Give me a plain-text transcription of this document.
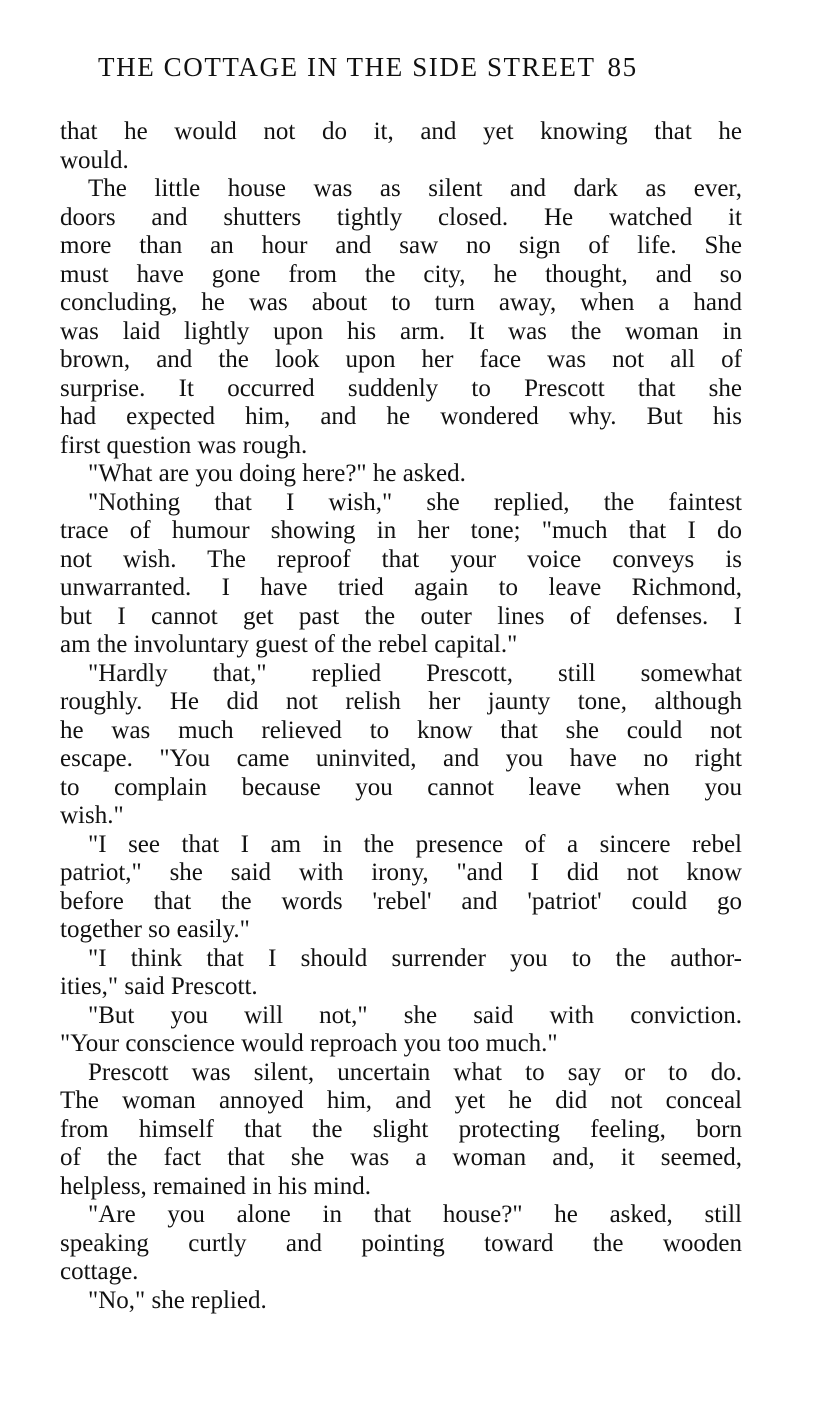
THE COTTAGE IN THE SIDE STREET 85
that he would not do it, and yet knowing that he
would.
The little house was as silent and dark as ever,
doors and shutters tightly closed. He watched it
more than an hour and saw no sign of life. She
must have gone from the city, he thought, and so
concluding, he was about to turn away, when a hand
was laid lightly upon his arm. It was the woman in
brown, and the look upon her face was not all of
surprise. It occurred suddenly to Prescott that she
had expected him, and he wondered why. But his
first question was rough.
"What are you doing here?" he asked.
"Nothing that I wish," she replied, the faintest
trace of humour showing in her tone; "much that I do
not wish. The reproof that your voice conveys is
unwarranted. I have tried again to leave Richmond,
but I cannot get past the outer lines of defenses. I
am the involuntary guest of the rebel capital."
"Hardly that," replied Prescott, still somewhat
roughly. He did not relish her jaunty tone, although
he was much relieved to know that she could not
escape. "You came uninvited, and you have no right
to complain because you cannot leave when you
wish."
"I see that I am in the presence of a sincere rebel
patriot," she said with irony, "and I did not know
before that the words 'rebel' and 'patriot' could go
together so easily."
"I think that I should surrender you to the author-
ities," said Prescott.
"But you will not," she said with conviction.
"Your conscience would reproach you too much."
Prescott was silent, uncertain what to say or to do.
The woman annoyed him, and yet he did not conceal
from himself that the slight protecting feeling, born
of the fact that she was a woman and, it seemed,
helpless, remained in his mind.
"Are you alone in that house?" he asked, still
speaking curtly and pointing toward the wooden
cottage.
"No," she replied.
